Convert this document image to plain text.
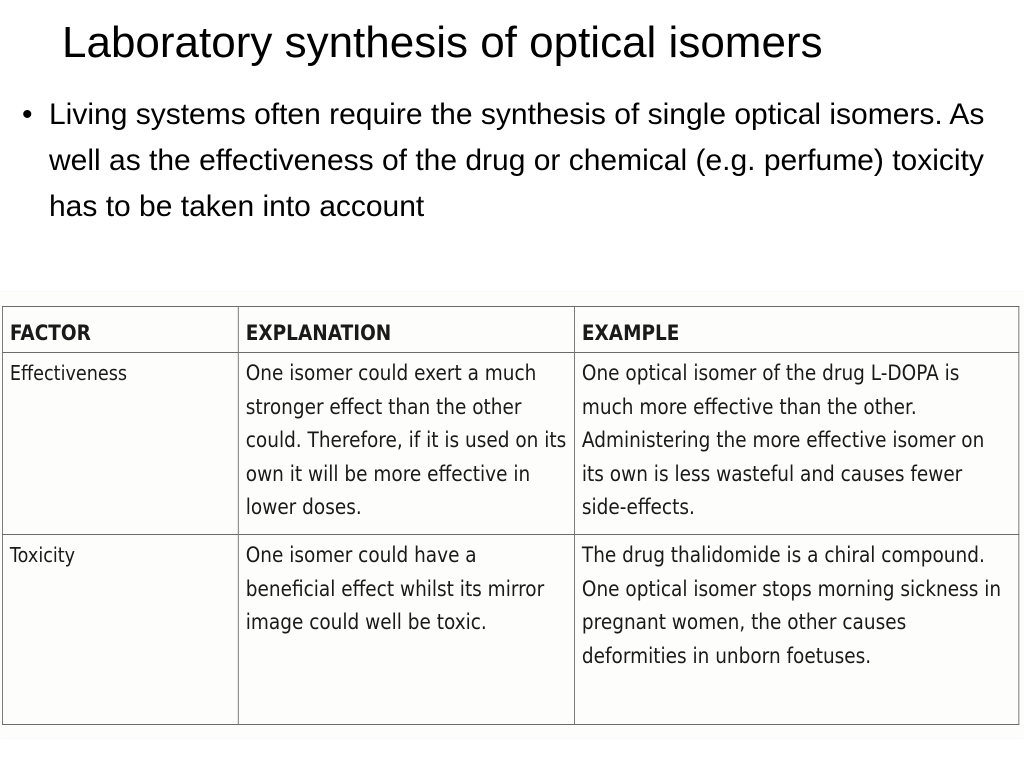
Laboratory synthesis of optical isomers
• Living systems often require the synthesis of single optical isomers. As well as the effectiveness of the drug or chemical (e.g. perfume) toxicity has to be taken into account
FACTOR	EXPLANATION	EXAMPLE
Effectiveness	One isomer could exert a much stronger effect than the other could. Therefore, if it is used on its own it will be more effective in lower doses.	One optical isomer of the drug L-DOPA is much more effective than the other. Administering the more effective isomer on its own is less wasteful and causes fewer side-effects.
Toxicity	One isomer could have a beneficial effect whilst its mirror image could well be toxic.	The drug thalidomide is a chiral compound. One optical isomer stops morning sickness in pregnant women, the other causes deformities in unborn foetuses.
